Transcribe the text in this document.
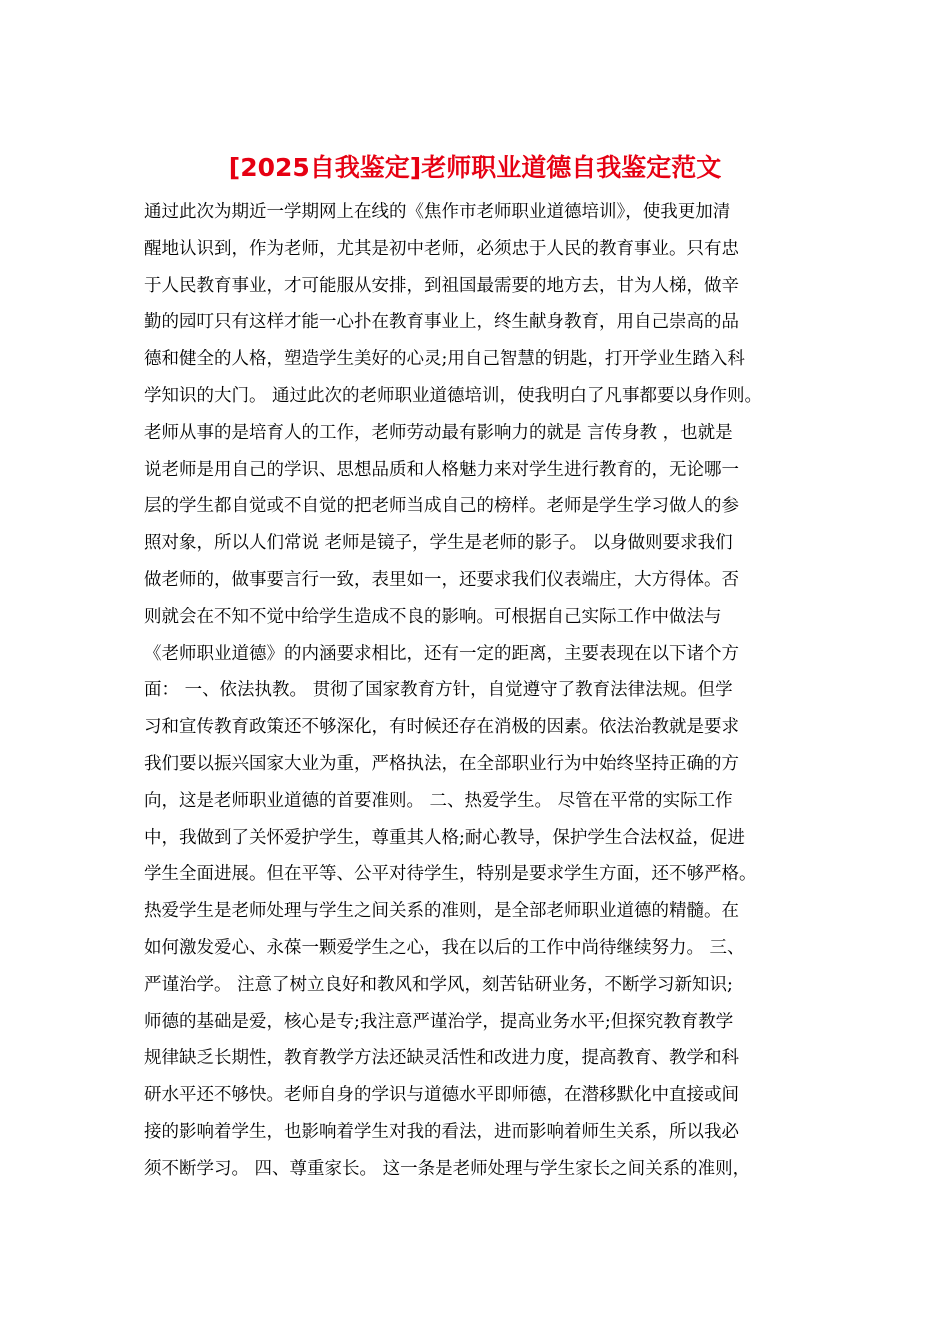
[2025自我鉴定]老师职业道德自我鉴定范文
通过此次为期近一学期网上在线的《焦作市老师职业道德培训》，使我更加清
醒地认识到，作为老师，尤其是初中老师，必须忠于人民的教育事业。只有忠
于人民教育事业，才可能服从安排，到祖国最需要的地方去，甘为人梯，做辛
勤的园叮只有这样才能一心扑在教育事业上，终生献身教育，用自己崇高的品
德和健全的人格，塑造学生美好的心灵;用自己智慧的钥匙，打开学业生踏入科
学知识的大门。 通过此次的老师职业道德培训，使我明白了凡事都要以身作则。
老师从事的是培育人的工作，老师劳动最有影响力的就是 言传身教 ，也就是
说老师是用自己的学识、思想品质和人格魅力来对学生进行教育的，无论哪一
层的学生都自觉或不自觉的把老师当成自己的榜样。老师是学生学习做人的参
照对象，所以人们常说 老师是镜子，学生是老师的影子。 以身做则要求我们
做老师的，做事要言行一致，表里如一，还要求我们仪表端庄，大方得体。否
则就会在不知不觉中给学生造成不良的影响。可根据自己实际工作中做法与
《老师职业道德》的内涵要求相比，还有一定的距离，主要表现在以下诸个方
面： 一、依法执教。 贯彻了国家教育方针，自觉遵守了教育法律法规。但学
习和宣传教育政策还不够深化，有时候还存在消极的因素。依法治教就是要求
我们要以振兴国家大业为重，严格执法，在全部职业行为中始终坚持正确的方
向，这是老师职业道德的首要准则。 二、热爱学生。 尽管在平常的实际工作
中，我做到了关怀爱护学生，尊重其人格;耐心教导，保护学生合法权益，促进
学生全面进展。但在平等、公平对待学生，特别是要求学生方面，还不够严格。
热爱学生是老师处理与学生之间关系的准则，是全部老师职业道德的精髓。在
如何激发爱心、永葆一颗爱学生之心，我在以后的工作中尚待继续努力。 三、
严谨治学。 注意了树立良好和教风和学风，刻苦钻研业务，不断学习新知识;
师德的基础是爱，核心是专;我注意严谨治学，提高业务水平;但探究教育教学
规律缺乏长期性，教育教学方法还缺灵活性和改进力度，提高教育、教学和科
研水平还不够快。老师自身的学识与道德水平即师德，在潜移默化中直接或间
接的影响着学生，也影响着学生对我的看法，进而影响着师生关系，所以我必
须不断学习。 四、尊重家长。 这一条是老师处理与学生家长之间关系的准则，
